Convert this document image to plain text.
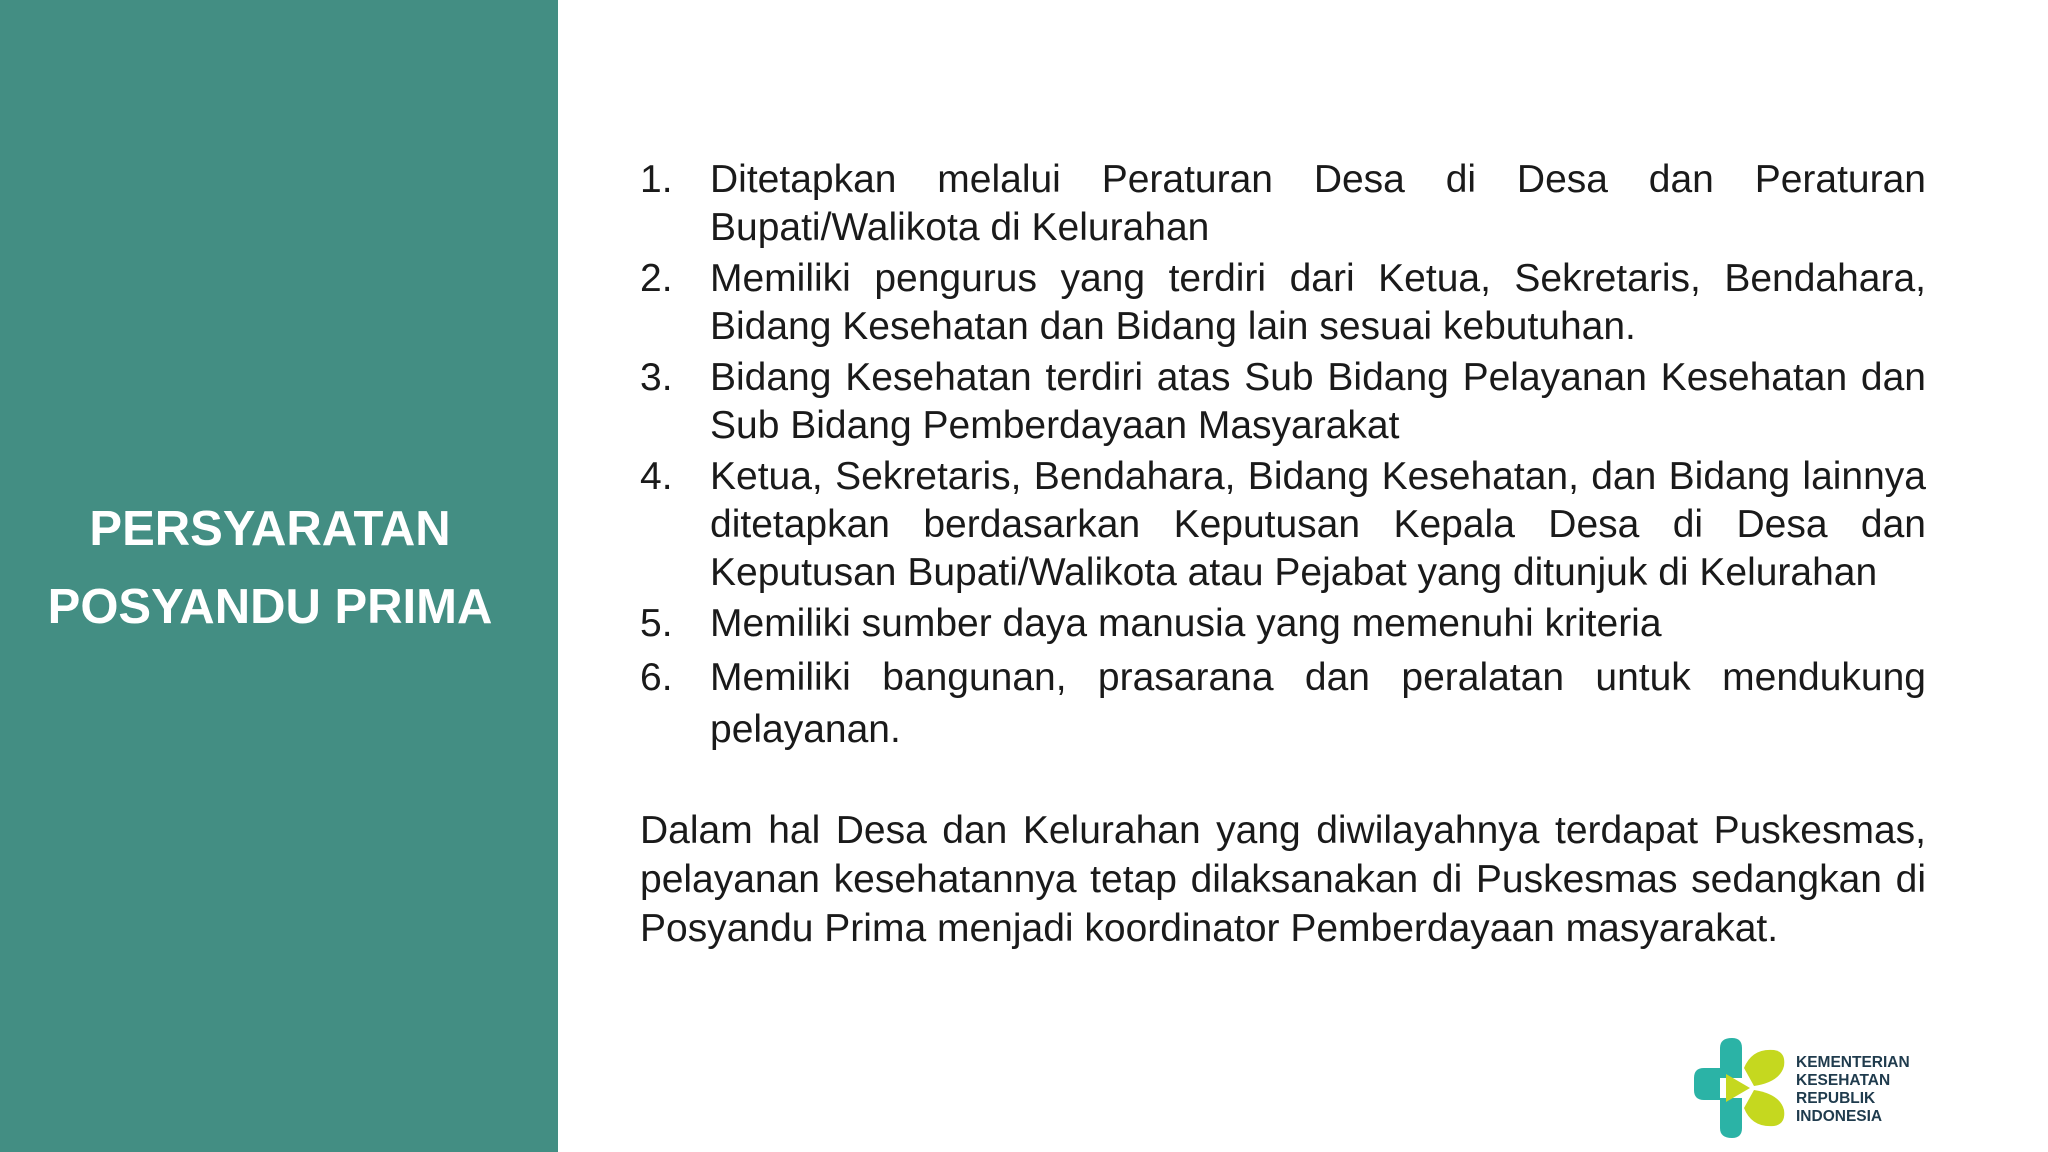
PERSYARATAN
POSYANDU PRIMA
1. Ditetapkan melalui Peraturan Desa di Desa dan Peraturan Bupati/Walikota di Kelurahan
2. Memiliki pengurus yang terdiri dari Ketua, Sekretaris, Bendahara, Bidang Kesehatan dan Bidang lain sesuai kebutuhan.
3. Bidang Kesehatan terdiri atas Sub Bidang Pelayanan Kesehatan dan Sub Bidang Pemberdayaan Masyarakat
4. Ketua, Sekretaris, Bendahara, Bidang Kesehatan, dan Bidang lainnya ditetapkan berdasarkan Keputusan Kepala Desa di Desa dan Keputusan Bupati/Walikota atau Pejabat yang ditunjuk di Kelurahan
5. Memiliki sumber daya manusia yang memenuhi kriteria
6. Memiliki bangunan, prasarana dan peralatan untuk mendukung pelayanan.

Dalam hal Desa dan Kelurahan yang diwilayahnya terdapat Puskesmas, pelayanan kesehatannya tetap dilaksanakan di Puskesmas sedangkan di Posyandu Prima menjadi koordinator Pemberdayaan masyarakat.

KEMENTERIAN
KESEHATAN
REPUBLIK
INDONESIA
